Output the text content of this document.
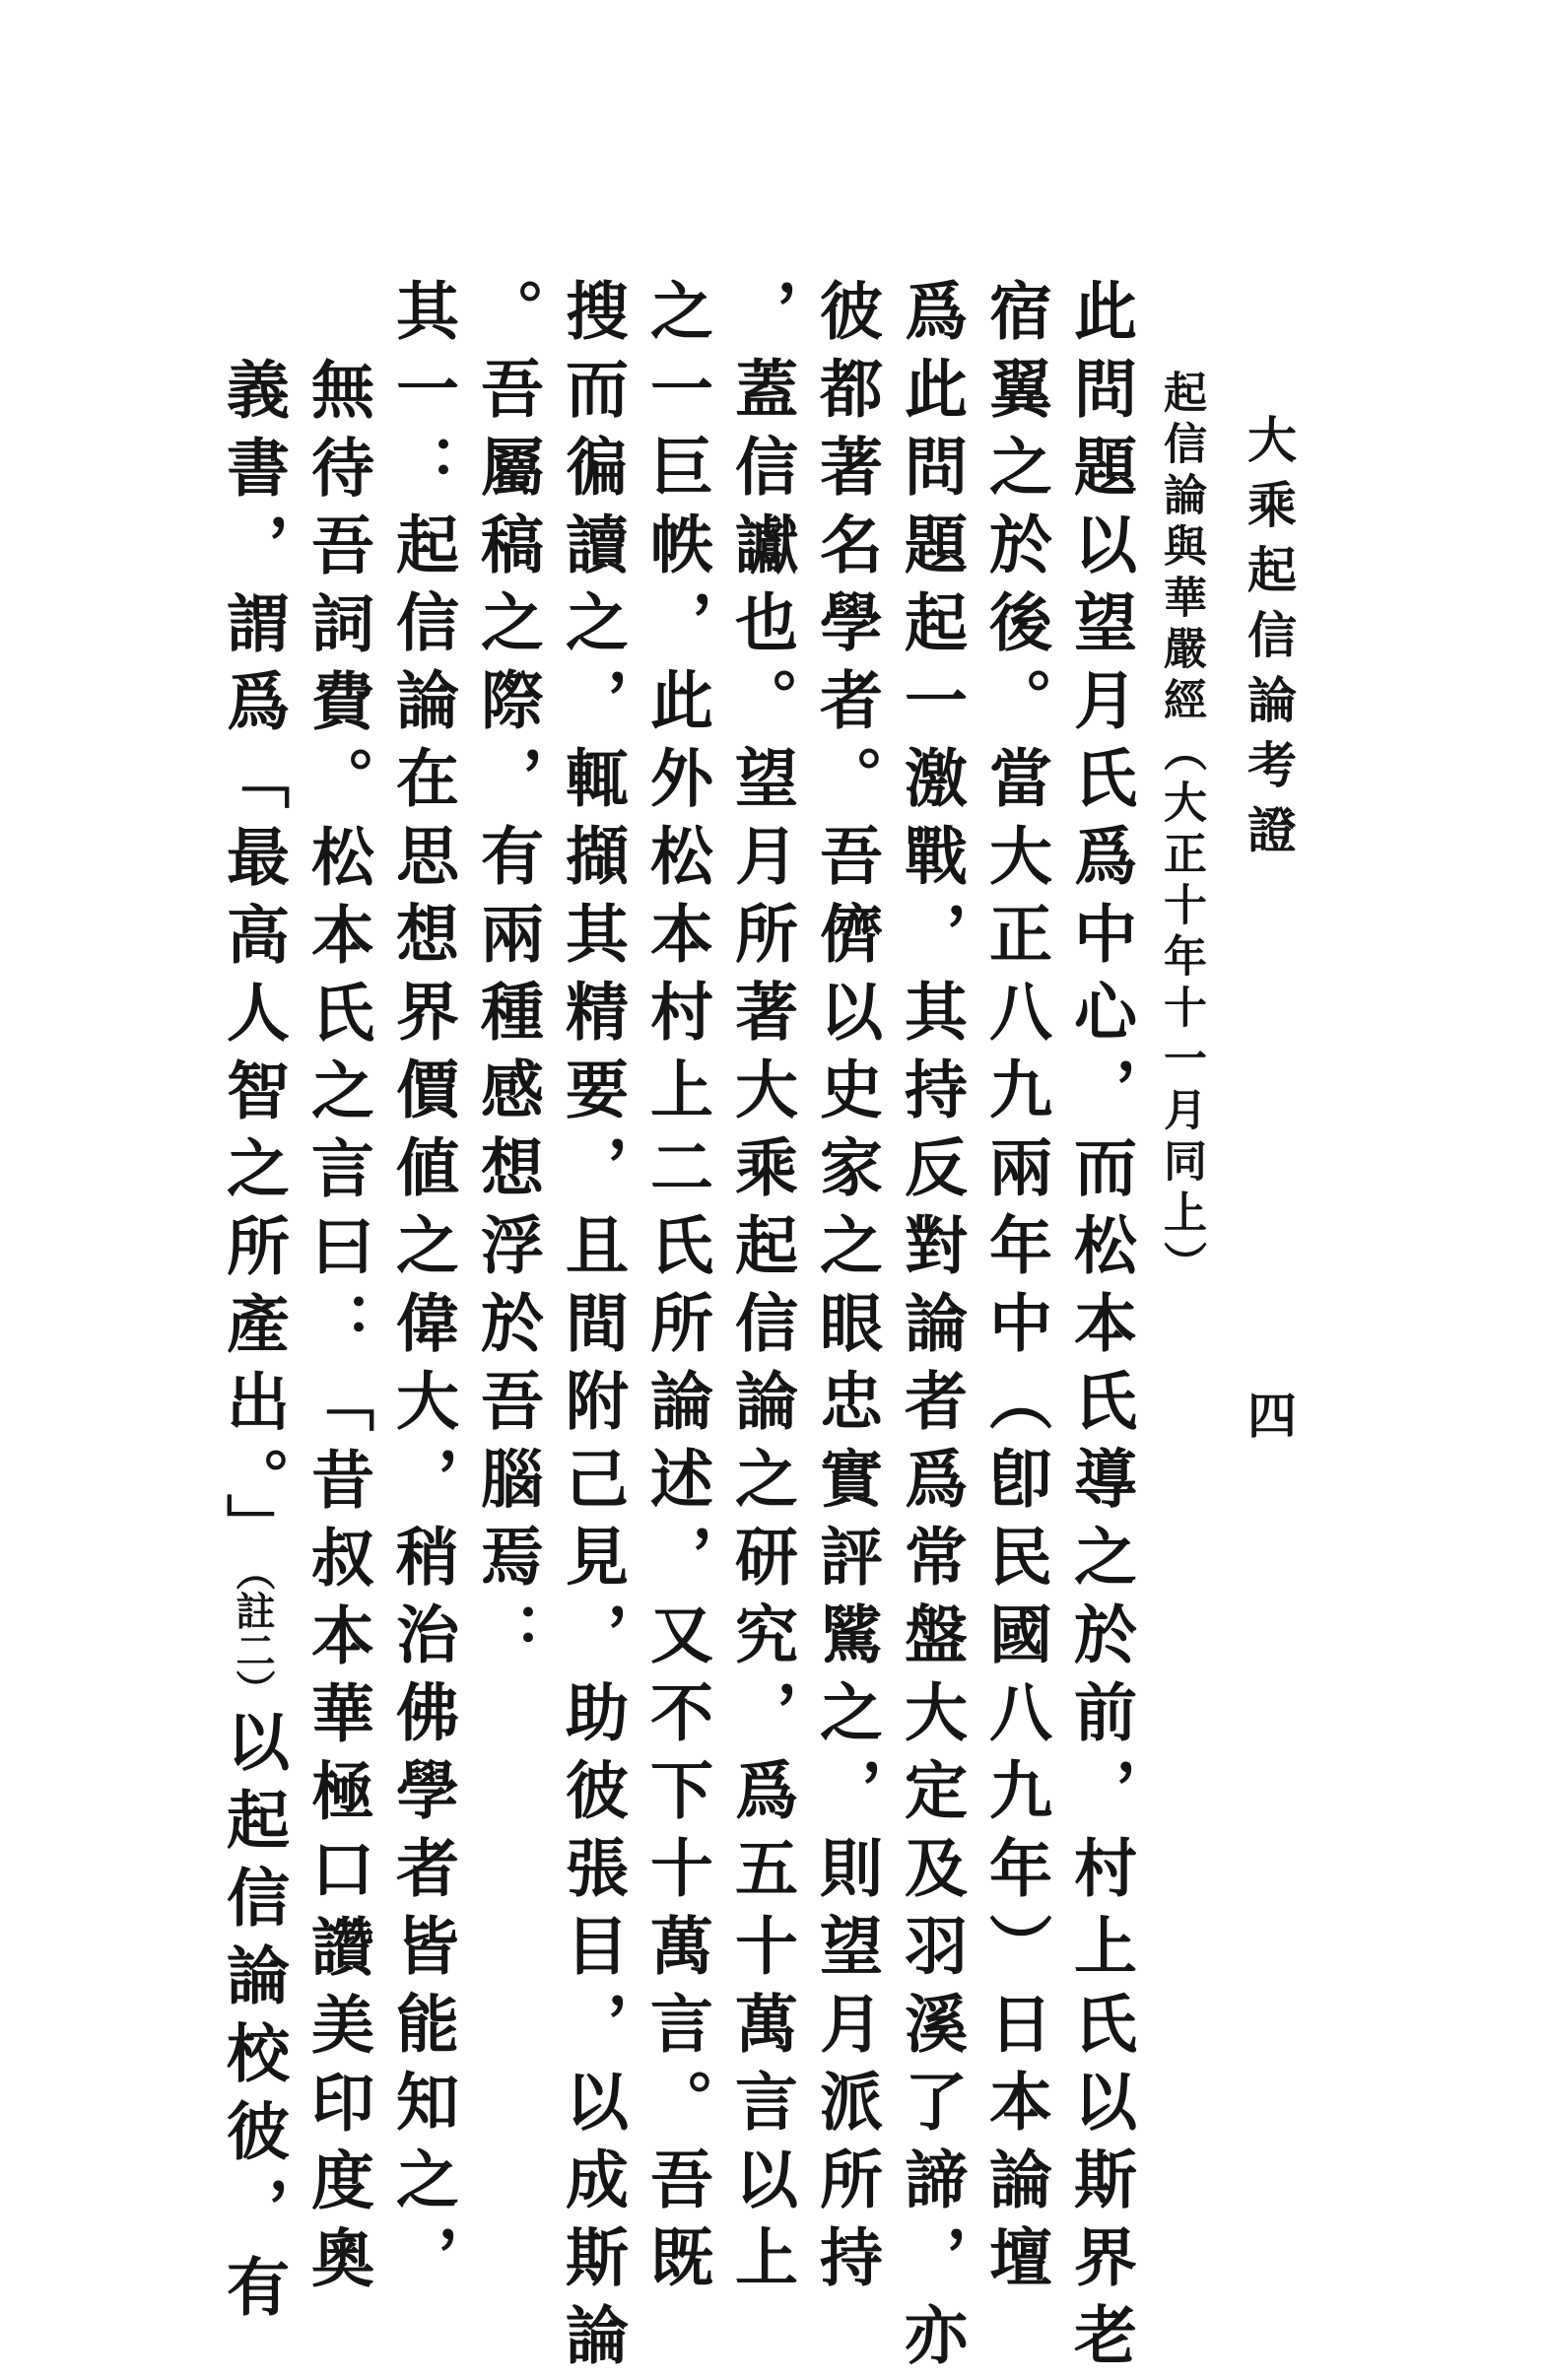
大乘起信論考證
四
起信論與華嚴經（大正十年十一月同上）
此問題以望月氏爲中心，而松本氏導之於前，村上氏以斯界老
宿翼之於後。當大正八九兩年中（卽民國八九年）日本論壇
爲此問題起一激戰，其持反對論者爲常盤大定及羽溪了諦，亦
彼都著名學者。吾儕以史家之眼忠實評騭之，則望月派所持
，蓋信讞也。望月所著大乘起信論之研究，爲五十萬言以上
之一巨帙，此外松本村上二氏所論述，又不下十萬言。吾既
搜而徧讀之，輒擷其精要，且間附己見，助彼張目，以成斯論
。吾屬稿之際，有兩種感想浮於吾腦焉：
其一：起信論在思想界價値之偉大，稍治佛學者皆能知之，
無待吾詞費。松本氏之言曰：「昔叔本華極口讚美印度奧
義書，謂爲「最高人智之所產出。」（註二）以起信論校彼，有
